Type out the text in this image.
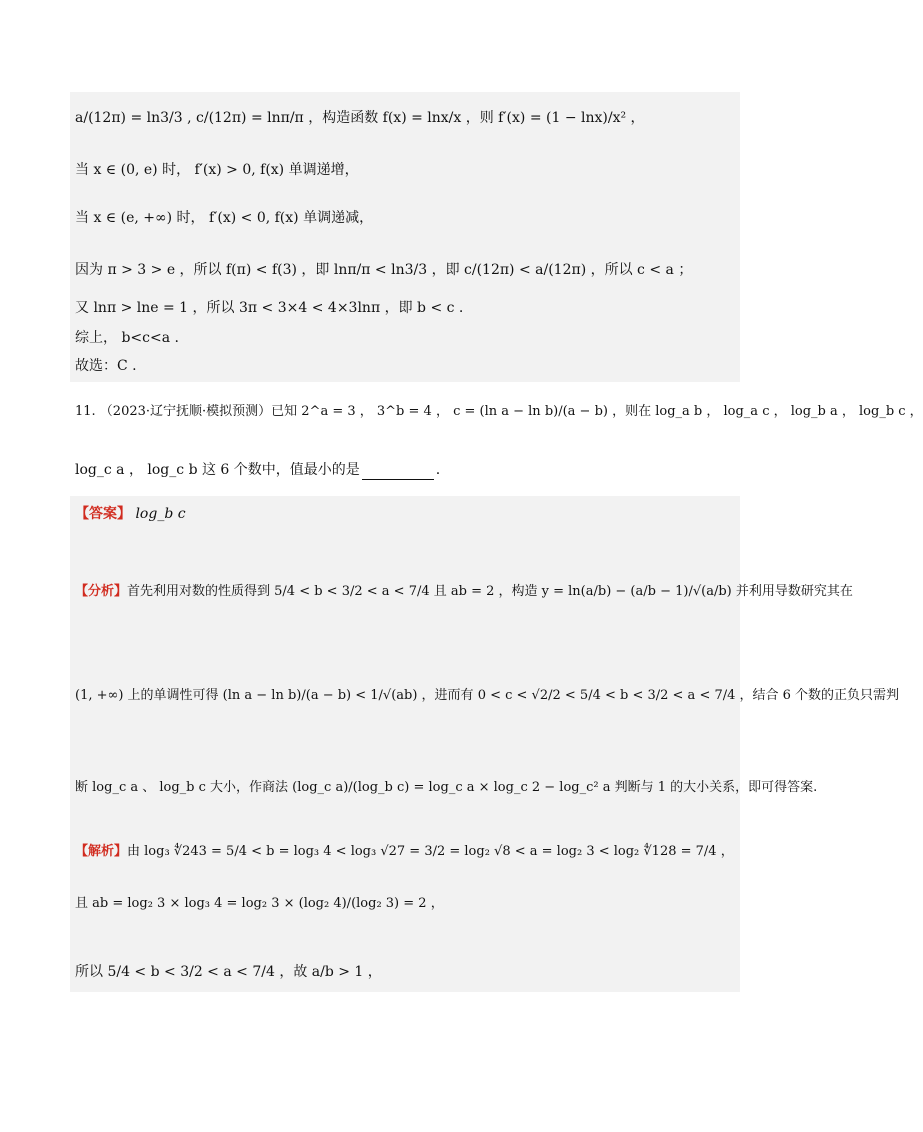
a/(12π) = ln3/3 , c/(12π) = lnπ/π ，构造函数 f(x) = lnx/x ，则 f′(x) = (1 − lnx)/x² ，
当 x ∈ (0, e) 时， f′(x) > 0, f(x) 单调递增，
当 x ∈ (e, +∞) 时， f′(x) < 0, f(x) 单调递减，
因为 π > 3 > e ，所以 f(π) < f(3) ，即 lnπ/π < ln3/3 ，即 c/(12π) < a/(12π) ，所以 c < a ；
又 lnπ > lne = 1 ，所以 3π < 3×4 < 4×3lnπ ，即 b < c .
综上， b<c<a .
故选：C .
11. （2023·辽宁抚顺·模拟预测）已知 2^a = 3 ， 3^b = 4 ， c = (ln a − ln b)/(a − b) ，则在 log_a b ， log_a c ， log_b a ， log_b c ，
log_c a ， log_c b 这 6 个数中，值最小的是	.
【答案】 log_b c
【分析】首先利用对数的性质得到 5/4 < b < 3/2 < a < 7/4 且 ab = 2 ，构造 y = ln(a/b) − (a/b − 1)/√(a/b) 并利用导数研究其在
(1, +∞) 上的单调性可得 (ln a − ln b)/(a − b) < 1/√(ab) ，进而有 0 < c < √2/2 < 5/4 < b < 3/2 < a < 7/4 ，结合 6 个数的正负只需判
断 log_c a 、 log_b c 大小，作商法 (log_c a)/(log_b c) = log_c a × log_c 2 − log_c² a 判断与 1 的大小关系，即可得答案.
【解析】由 log₃ ∜243 = 5/4 < b = log₃ 4 < log₃ √27 = 3/2 = log₂ √8 < a = log₂ 3 < log₂ ∜128 = 7/4 ，
且 ab = log₂ 3 × log₃ 4 = log₂ 3 × (log₂ 4)/(log₂ 3) = 2 ，
所以 5/4 < b < 3/2 < a < 7/4 ，故 a/b > 1 ，
